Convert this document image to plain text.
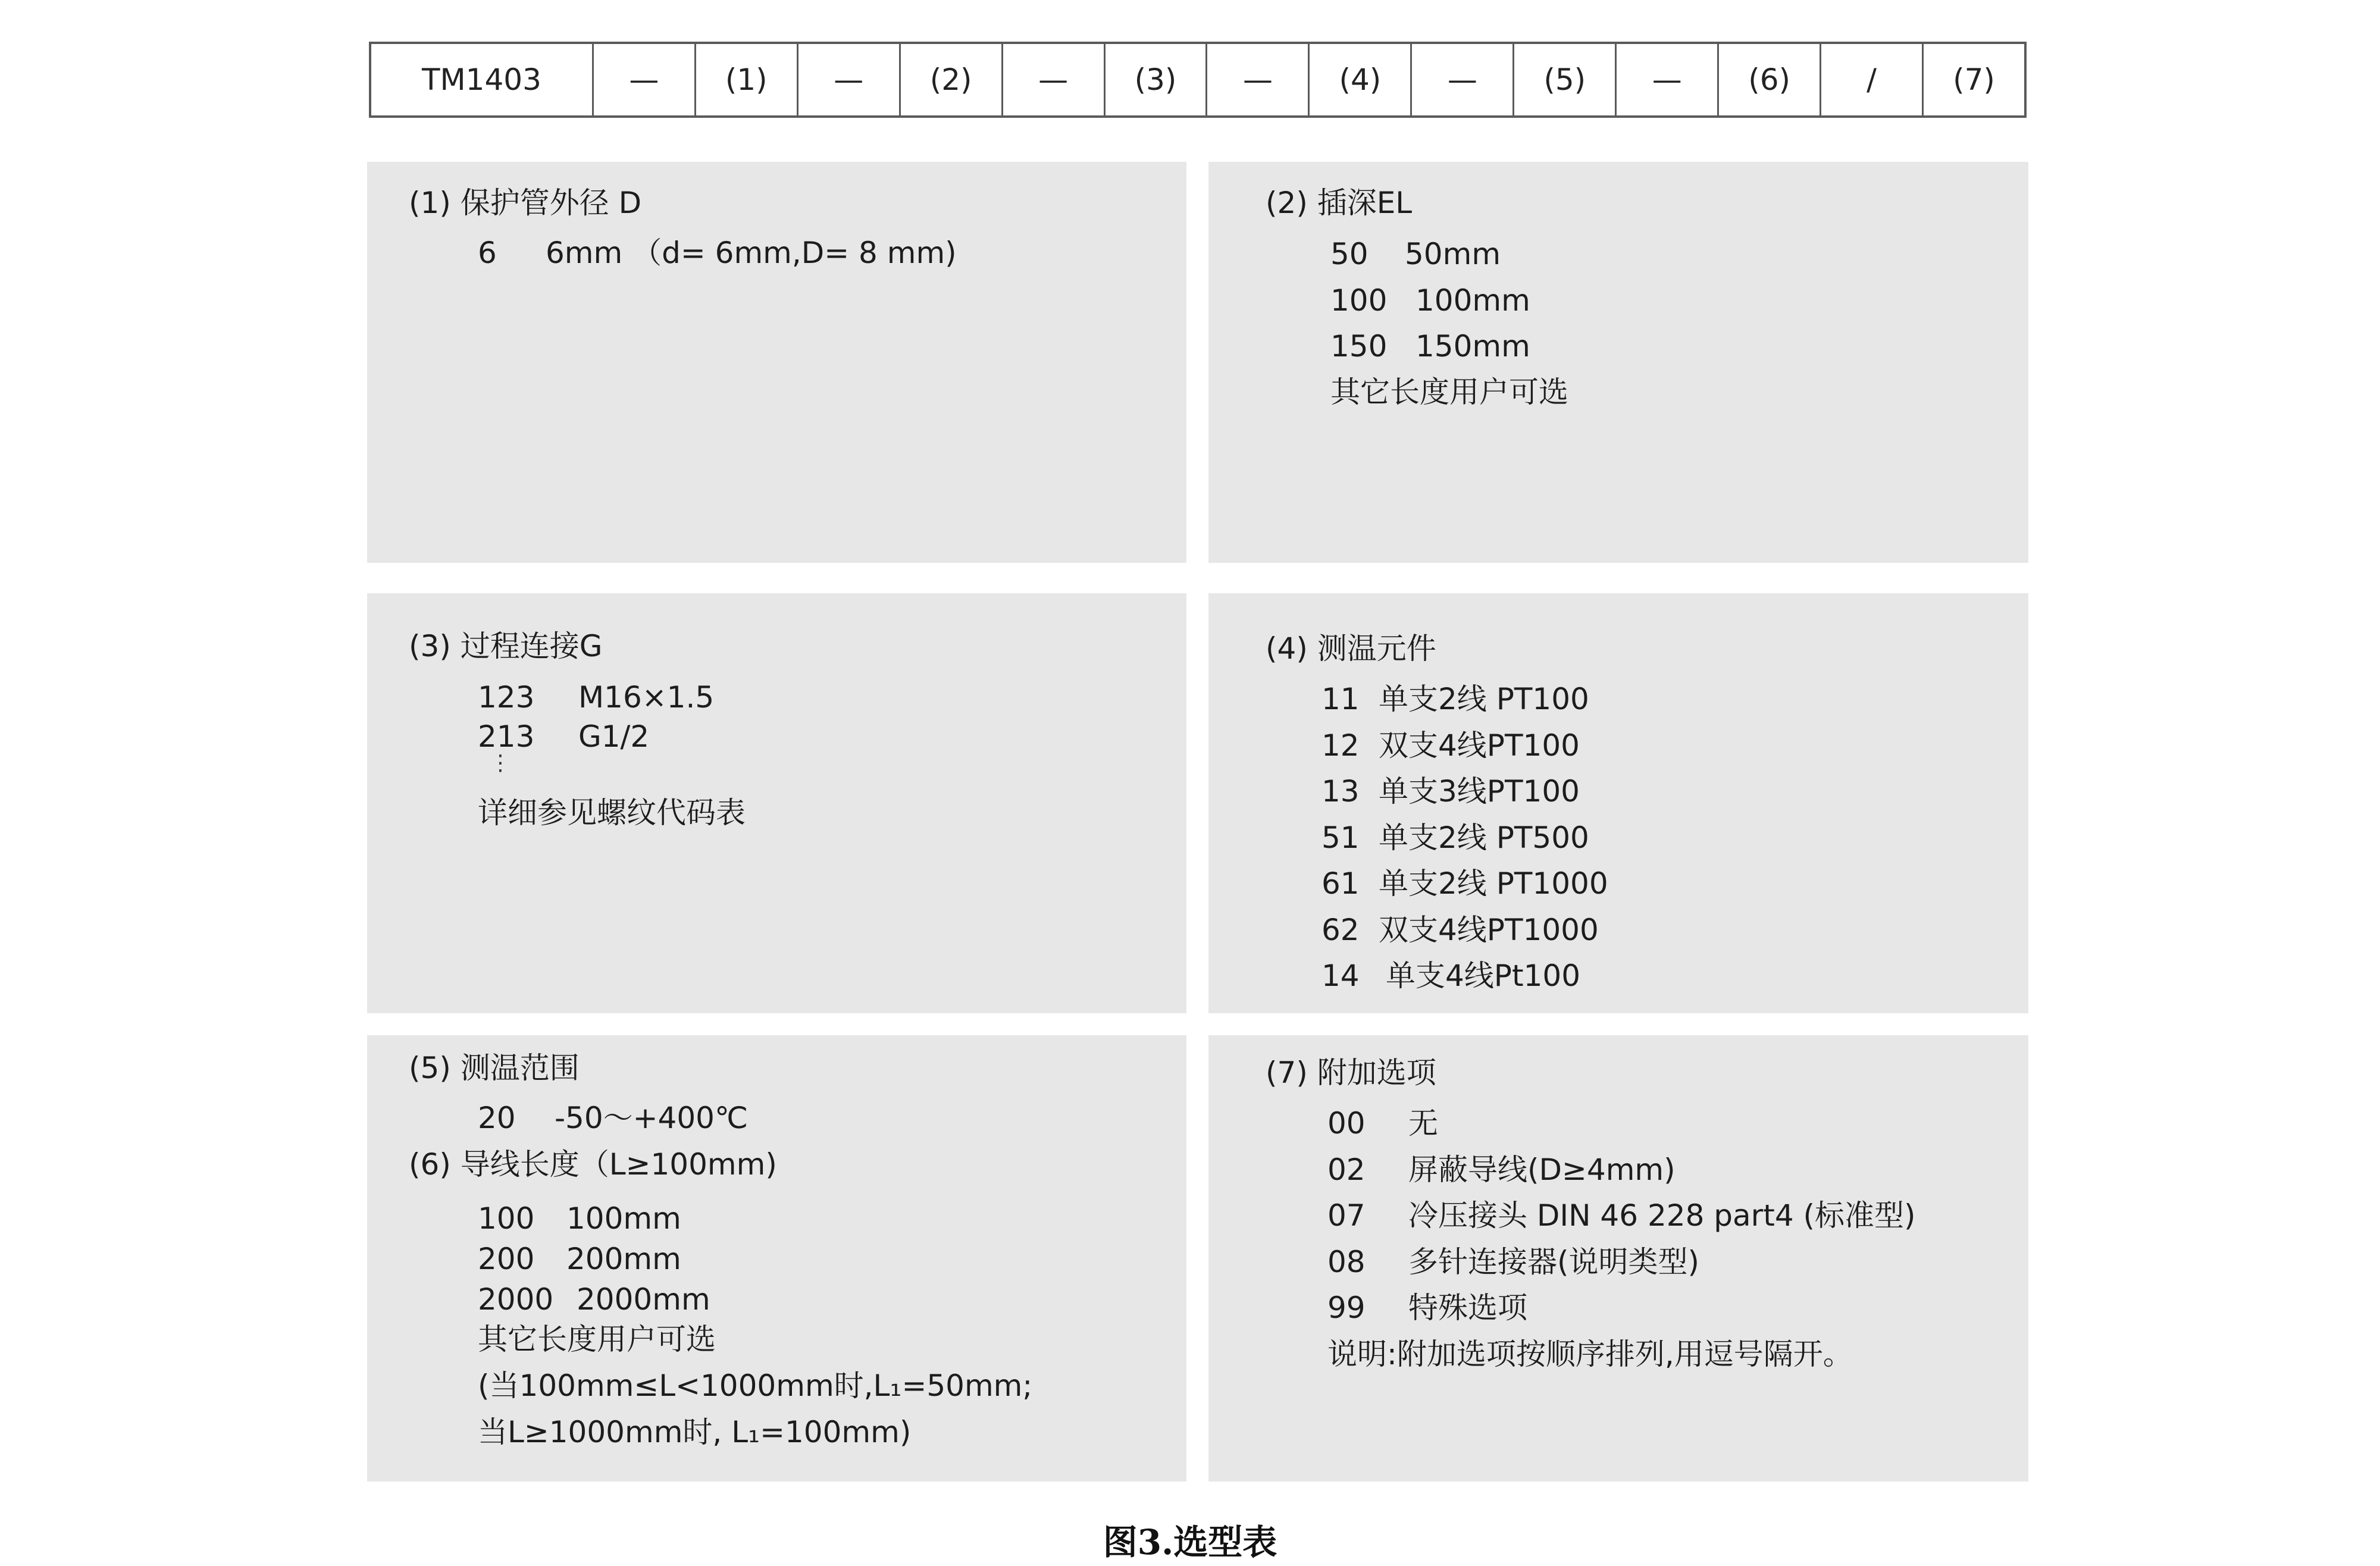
TM1403	—	(1)	—	(2)	—	(3)	—	(4)	—	(5)	—	(6)	/	(7)
(1) 保护管外径 D
6 6mm （d= 6mm,D= 8 mm)
(2) 插深EL
50 50mm
100 100mm
150 150mm
其它长度用户可选
(3) 过程连接G
123 M16×1.5
213 G1/2
⋮
详细参见螺纹代码表
(4) 测温元件
11 单支2线 PT100
12 双支4线PT100
13 单支3线PT100
51 单支2线 PT500
61 单支2线 PT1000
62 双支4线PT1000
14 单支4线Pt100
(5) 测温范围
20 -50～+400℃
(6) 导线长度（L≥100mm)
100 100mm
200 200mm
2000 2000mm
其它长度用户可选
(当100mm≤L<1000mm时,L₁=50mm;
当L≥1000mm时, L₁=100mm)
(7) 附加选项
00 无
02 屏蔽导线(D≥4mm)
07 冷压接头 DIN 46 228 part4 (标准型)
08 多针连接器(说明类型)
99 特殊选项
说明:附加选项按顺序排列,用逗号隔开。
图3.选型表
